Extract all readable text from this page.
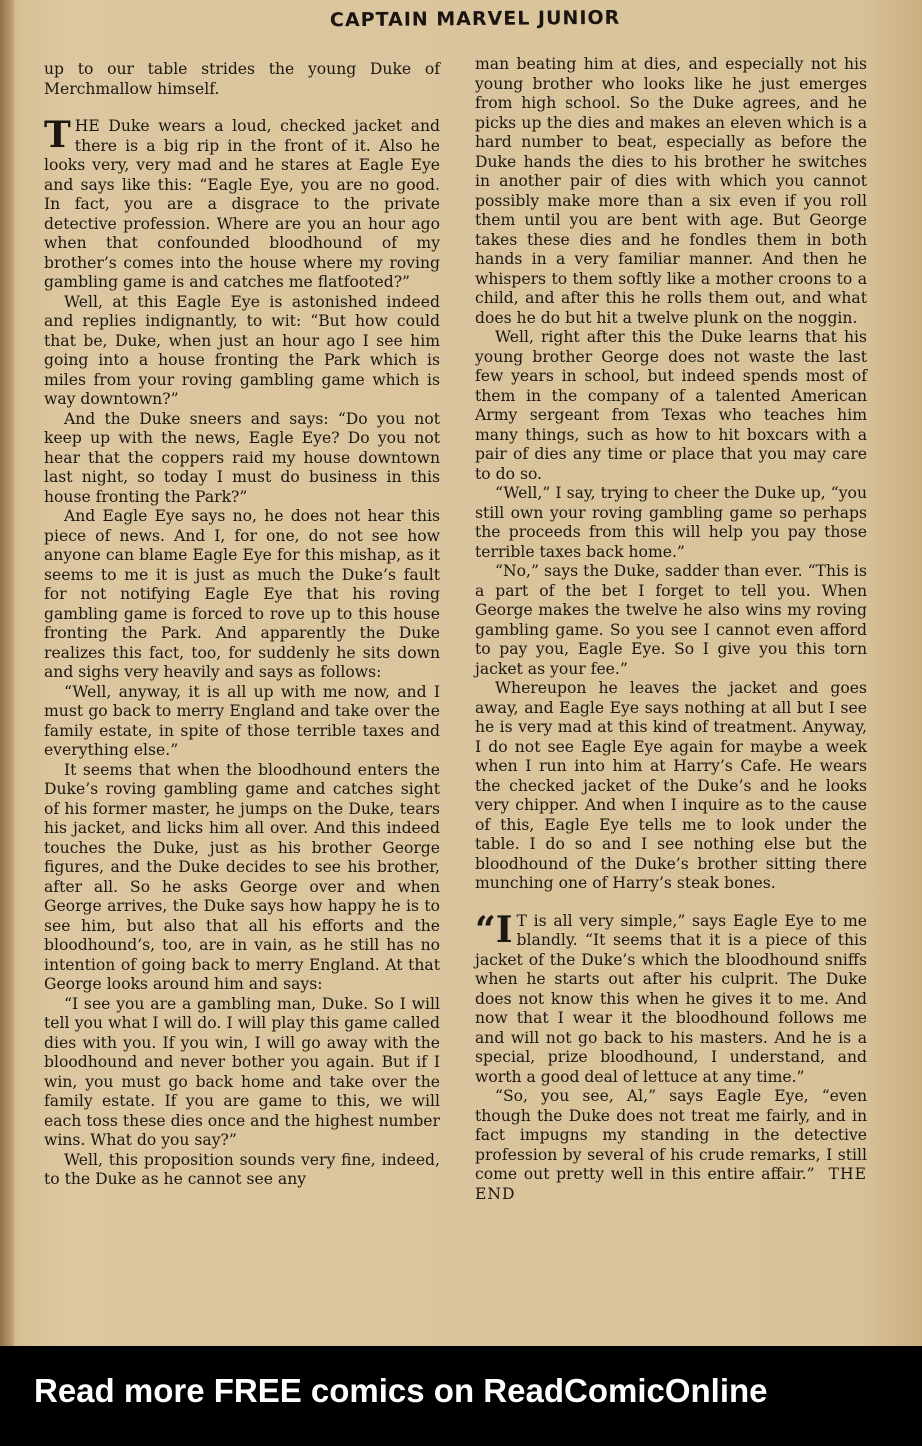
CAPTAIN MARVEL JUNIOR

up to our table strides the young Duke of Merchmallow himself.

THE Duke wears a loud, checked jacket and there is a big rip in the front of it. Also he looks very, very mad and he stares at Eagle Eye and says like this: “Eagle Eye, you are no good. In fact, you are a disgrace to the private detective profession. Where are you an hour ago when that confounded bloodhound of my brother’s comes into the house where my roving gambling game is and catches me flatfooted?”

Well, at this Eagle Eye is astonished indeed and replies indignantly, to wit: “But how could that be, Duke, when just an hour ago I see him going into a house fronting the Park which is miles from your roving gambling game which is way downtown?”

And the Duke sneers and says: “Do you not keep up with the news, Eagle Eye? Do you not hear that the coppers raid my house downtown last night, so today I must do business in this house fronting the Park?”

And Eagle Eye says no, he does not hear this piece of news. And I, for one, do not see how anyone can blame Eagle Eye for this mishap, as it seems to me it is just as much the Duke’s fault for not notifying Eagle Eye that his roving gambling game is forced to rove up to this house fronting the Park. And apparently the Duke realizes this fact, too, for suddenly he sits down and sighs very heavily and says as follows:

“Well, anyway, it is all up with me now, and I must go back to merry England and take over the family estate, in spite of those terrible taxes and everything else.”

It seems that when the bloodhound enters the Duke’s roving gambling game and catches sight of his former master, he jumps on the Duke, tears his jacket, and licks him all over. And this indeed touches the Duke, just as his brother George figures, and the Duke decides to see his brother, after all. So he asks George over and when George arrives, the Duke says how happy he is to see him, but also that all his efforts and the bloodhound’s, too, are in vain, as he still has no intention of going back to merry England. At that George looks around him and says:

“I see you are a gambling man, Duke. So I will tell you what I will do. I will play this game called dies with you. If you win, I will go away with the bloodhound and never bother you again. But if I win, you must go back home and take over the family estate. If you are game to this, we will each toss these dies once and the highest number wins. What do you say?”

Well, this proposition sounds very fine, indeed, to the Duke as he cannot see any

man beating him at dies, and especially not his young brother who looks like he just emerges from high school. So the Duke agrees, and he picks up the dies and makes an eleven which is a hard number to beat, especially as before the Duke hands the dies to his brother he switches in another pair of dies with which you cannot possibly make more than a six even if you roll them until you are bent with age. But George takes these dies and he fondles them in both hands in a very familiar manner. And then he whispers to them softly like a mother croons to a child, and after this he rolls them out, and what does he do but hit a twelve plunk on the noggin.

Well, right after this the Duke learns that his young brother George does not waste the last few years in school, but indeed spends most of them in the company of a talented American Army sergeant from Texas who teaches him many things, such as how to hit boxcars with a pair of dies any time or place that you may care to do so.

“Well,” I say, trying to cheer the Duke up, “you still own your roving gambling game so perhaps the proceeds from this will help you pay those terrible taxes back home.”

“No,” says the Duke, sadder than ever. “This is a part of the bet I forget to tell you. When George makes the twelve he also wins my roving gambling game. So you see I cannot even afford to pay you, Eagle Eye. So I give you this torn jacket as your fee.”

Whereupon he leaves the jacket and goes away, and Eagle Eye says nothing at all but I see he is very mad at this kind of treatment. Anyway, I do not see Eagle Eye again for maybe a week when I run into him at Harry’s Cafe. He wears the checked jacket of the Duke’s and he looks very chipper. And when I inquire as to the cause of this, Eagle Eye tells me to look under the table. I do so and I see nothing else but the bloodhound of the Duke’s brother sitting there munching one of Harry’s steak bones.

“I T is all very simple,” says Eagle Eye to me blandly. “It seems that it is a piece of this jacket of the Duke’s which the bloodhound sniffs when he starts out after his culprit. The Duke does not know this when he gives it to me. And now that I wear it the bloodhound follows me and will not go back to his masters. And he is a special, prize bloodhound, I understand, and worth a good deal of lettuce at any time.”

“So, you see, Al,” says Eagle Eye, “even though the Duke does not treat me fairly, and in fact impugns my standing in the detective profession by several of his crude remarks, I still come out pretty well in this entire affair.” THE END

Read more FREE comics on ReadComicOnline
